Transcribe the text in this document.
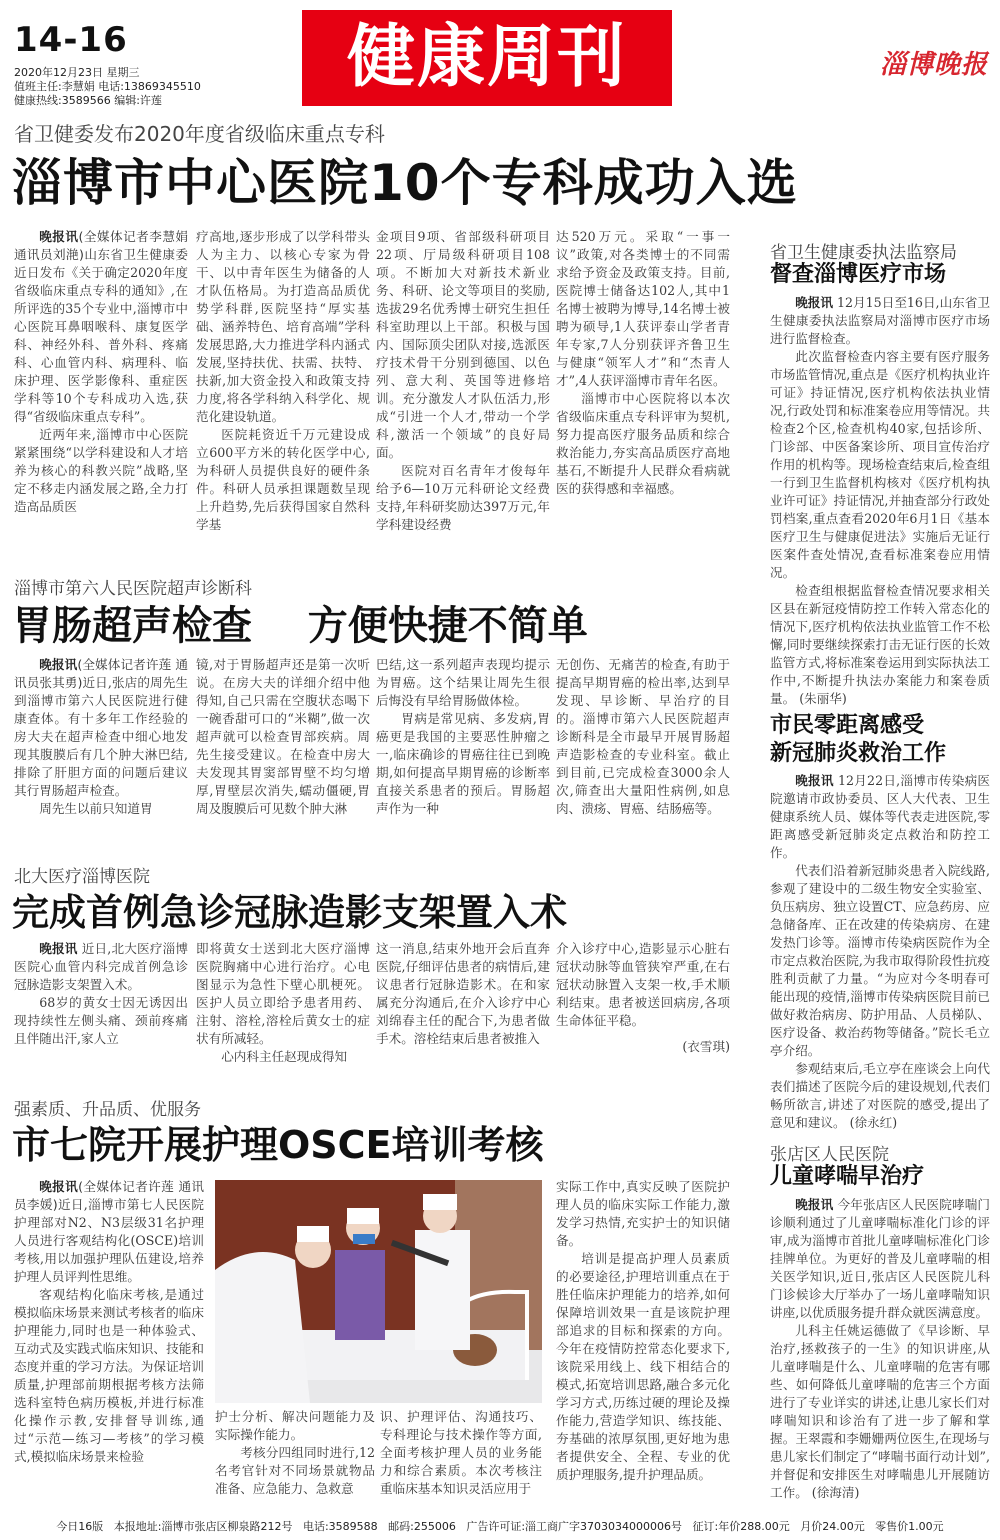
14-16
2020年12月23日 星期三
值班主任:李慧娟 电话:13869345510
健康热线:3589566 编辑:许莲
健康周刊	淄博晚报
省卫健委发布2020年度省级临床重点专科
淄博市中心医院10个专科成功入选

晚报讯(全媒体记者李慧娟 通讯员刘滟)山东省卫生健康委近日发布《关于确定2020年度省级临床重点专科的通知》,在所评选的35个专业中,淄博市中心医院耳鼻咽喉科、康复医学科、神经外科、普外科、疼痛科、心血管内科、病理科、临床护理、医学影像科、重症医学科等10个专科成功入选,获得“省级临床重点专科”。

近两年来,淄博市中心医院紧紧围绕“以学科建设和人才培养为核心的科教兴院”战略,坚定不移走内涵发展之路,全力打造高品质医

疗高地,逐步形成了以学科带头人为主力、以核心专家为骨干、以中青年医生为储备的人才队伍格局。为打造高品质优势学科群,医院坚持“厚实基础、涵养特色、培育高端”学科发展思路,大力推进学科内涵式发展,坚持扶优、扶需、扶特、扶新,加大资金投入和政策支持力度,将各学科纳入科学化、规范化建设轨道。

医院耗资近千万元建设成立600平方米的转化医学中心,为科研人员提供良好的硬件条件。科研人员承担课题数呈现上升趋势,先后获得国家自然科学基

金项目9项、省部级科研项目22项、厅局级科研项目108项。不断加大对新技术新业务、科研、论文等项目的奖励,选拔29名优秀博士研究生担任科室助理以上干部。积极与国内、国际顶尖团队对接,选派医疗技术骨干分别到德国、以色列、意大利、英国等进修培训。充分激发人才队伍活力,形成“引进一个人才,带动一个学科,激活一个领域”的良好局面。

医院对百名青年才俊每年给予6—10万元科研论文经费支持,年科研奖励达397万元,年学科建设经费

达520万元。采取“一事一议”政策,对各类博士的不同需求给予资金及政策支持。目前,医院博士储备达102人,其中1名博士被聘为博导,14名博士被聘为硕导,1人获评泰山学者青年专家,7人分别获评齐鲁卫生与健康“领军人才”和“杰青人才”,4人获评淄博市青年名医。

淄博市中心医院将以本次省级临床重点专科评审为契机,努力提高医疗服务品质和综合救治能力,夯实高品质医疗高地基石,不断提升人民群众看病就医的获得感和幸福感。

淄博市第六人民医院超声诊断科
胃肠超声检查    方便快捷不简单

晚报讯(全媒体记者许莲 通讯员张其勇)近日,张店的周先生到淄博市第六人民医院进行健康查体。有十多年工作经验的房大夫在超声检查中细心地发现其腹膜后有几个肿大淋巴结,排除了肝胆方面的问题后建议其行胃肠超声检查。

周先生以前只知道胃

镜,对于胃肠超声还是第一次听说。在房大夫的详细介绍中他得知,自己只需在空腹状态喝下一碗香甜可口的“米糊”,做一次超声就可以检查胃部疾病。周先生接受建议。在检查中房大夫发现其胃窦部胃壁不均匀增厚,胃壁层次消失,蠕动僵硬,胃周及腹膜后可见数个肿大淋

巴结,这一系列超声表现均提示为胃癌。这个结果让周先生很后悔没有早给胃肠做体检。

胃病是常见病、多发病,胃癌更是我国的主要恶性肿瘤之一,临床确诊的胃癌往往已到晚期,如何提高早期胃癌的诊断率直接关系患者的预后。胃肠超声作为一种

无创伤、无痛苦的检查,有助于提高早期胃癌的检出率,达到早发现、早诊断、早治疗的目的。淄博市第六人民医院超声诊断科是全市最早开展胃肠超声造影检查的专业科室。截止到目前,已完成检查3000余人次,筛查出大量阳性病例,如息肉、溃疡、胃癌、结肠癌等。

北大医疗淄博医院
完成首例急诊冠脉造影支架置入术

晚报讯 近日,北大医疗淄博医院心血管内科完成首例急诊冠脉造影支架置入术。

68岁的黄女士因无诱因出现持续性左侧头痛、颈前疼痛且伴随出汗,家人立

即将黄女士送到北大医疗淄博医院胸痛中心进行治疗。心电图显示为急性下壁心肌梗死。医护人员立即给予患者用药、注射、溶栓,溶栓后黄女士的症状有所减轻。

心内科主任赵现成得知

这一消息,结束外地开会后直奔医院,仔细评估患者的病情后,建议患者行冠脉造影术。在和家属充分沟通后,在介入诊疗中心刘绵春主任的配合下,为患者做手术。溶栓结束后患者被推入

介入诊疗中心,造影显示心脏右冠状动脉等血管狭窄严重,在右冠状动脉置入支架一枚,手术顺利结束。患者被送回病房,各项生命体征平稳。

(衣雪琪)
强素质、升品质、优服务
市七院开展护理OSCE培训考核

晚报讯(全媒体记者许莲 通讯员李媛)近日,淄博市第七人民医院护理部对N2、N3层级31名护理人员进行客观结构化(OSCE)培训考核,用以加强护理队伍建设,培养护理人员评判性思维。

客观结构化临床考核,是通过模拟临床场景来测试考核者的临床护理能力,同时也是一种体验式、互动式及实践式临床知识、技能和态度并重的学习方法。为保证培训质量,护理部前期根据考核方法筛选科室特色病历模板,并进行标准化操作示教,安排督导训练,通过“示范—练习—考核”的学习模式,模拟临床场景来检验

护士分析、解决问题能力及实际操作能力。

考核分四组同时进行,12名考官针对不同场景就物品准备、应急能力、急救意

识、护理评估、沟通技巧、专科理论与技术操作等方面,全面考核护理人员的业务能力和综合素质。本次考核注重临床基本知识灵活应用于

实际工作中,真实反映了医院护理人员的临床实际工作能力,激发学习热情,充实护士的知识储备。

培训是提高护理人员素质的必要途径,护理培训重点在于胜任临床护理能力的培养,如何保障培训效果一直是该院护理部追求的目标和探索的方向。今年在疫情防控常态化要求下,该院采用线上、线下相结合的模式,拓宽培训思路,融合多元化学习方式,历练过硬的理论及操作能力,营造学知识、练技能、夯基础的浓厚氛围,更好地为患者提供安全、全程、专业的优质护理服务,提升护理品质。

省卫生健康委执法监察局
督查淄博医疗市场

晚报讯 12月15日至16日,山东省卫生健康委执法监察局对淄博市医疗市场进行监督检查。

此次监督检查内容主要有医疗服务市场监管情况,重点是《医疗机构执业许可证》持证情况,医疗机构依法执业情况,行政处罚和标准案卷应用等情况。共检查2个区,检查机构40家,包括诊所、门诊部、中医备案诊所、项目宣传治疗作用的机构等。现场检查结束后,检查组一行到卫生监督机构核对《医疗机构执业许可证》持证情况,并抽查部分行政处罚档案,重点查看2020年6月1日《基本医疗卫生与健康促进法》实施后无证行医案件查处情况,查看标准案卷应用情况。

检查组根据监督检查情况要求相关区县在新冠疫情防控工作转入常态化的情况下,医疗机构依法执业监管工作不松懈,同时要继续探索打击无证行医的长效监管方式,将标准案卷运用到实际执法工作中,不断提升执法办案能力和案卷质量。 (朱丽华)

市民零距离感受
新冠肺炎救治工作

晚报讯 12月22日,淄博市传染病医院邀请市政协委员、区人大代表、卫生健康系统人员、媒体等代表走进医院,零距离感受新冠肺炎定点救治和防控工作。

代表们沿着新冠肺炎患者入院线路,参观了建设中的二级生物安全实验室、负压病房、独立设置CT、应急药房、应急储备库、正在改建的传染病房、在建发热门诊等。淄博市传染病医院作为全市定点救治医院,为我市取得阶段性抗疫胜利贡献了力量。“为应对今冬明春可能出现的疫情,淄博市传染病医院目前已做好救治病房、防护用品、人员梯队、医疗设备、救治药物等储备。”院长毛立亭介绍。

参观结束后,毛立亭在座谈会上向代表们描述了医院今后的建设规划,代表们畅所欲言,讲述了对医院的感受,提出了意见和建议。 (徐永红)

张店区人民医院
儿童哮喘早治疗

晚报讯 今年张店区人民医院哮喘门诊顺利通过了儿童哮喘标准化门诊的评审,成为淄博市首批儿童哮喘标准化门诊挂牌单位。为更好的普及儿童哮喘的相关医学知识,近日,张店区人民医院儿科门诊候诊大厅举办了一场儿童哮喘知识讲座,以优质服务提升群众就医满意度。

儿科主任姚运德做了《早诊断、早治疗,拯救孩子的一生》的知识讲座,从儿童哮喘是什么、儿童哮喘的危害有哪些、如何降低儿童哮喘的危害三个方面进行了专业详实的讲述,让患儿家长们对哮喘知识和诊治有了进一步了解和掌握。王翠霞和李姗姗两位医生,在现场与患儿家长们制定了“哮喘书面行动计划”,并督促和安排医生对哮喘患儿开展随访工作。 (徐海清)

今日16版   本报地址:淄博市张店区柳泉路212号   电话:3589588   邮码:255006   广告许可证:淄工商广字3703034000006号   征订:年价288.00元   月价24.00元   零售价1.00元
